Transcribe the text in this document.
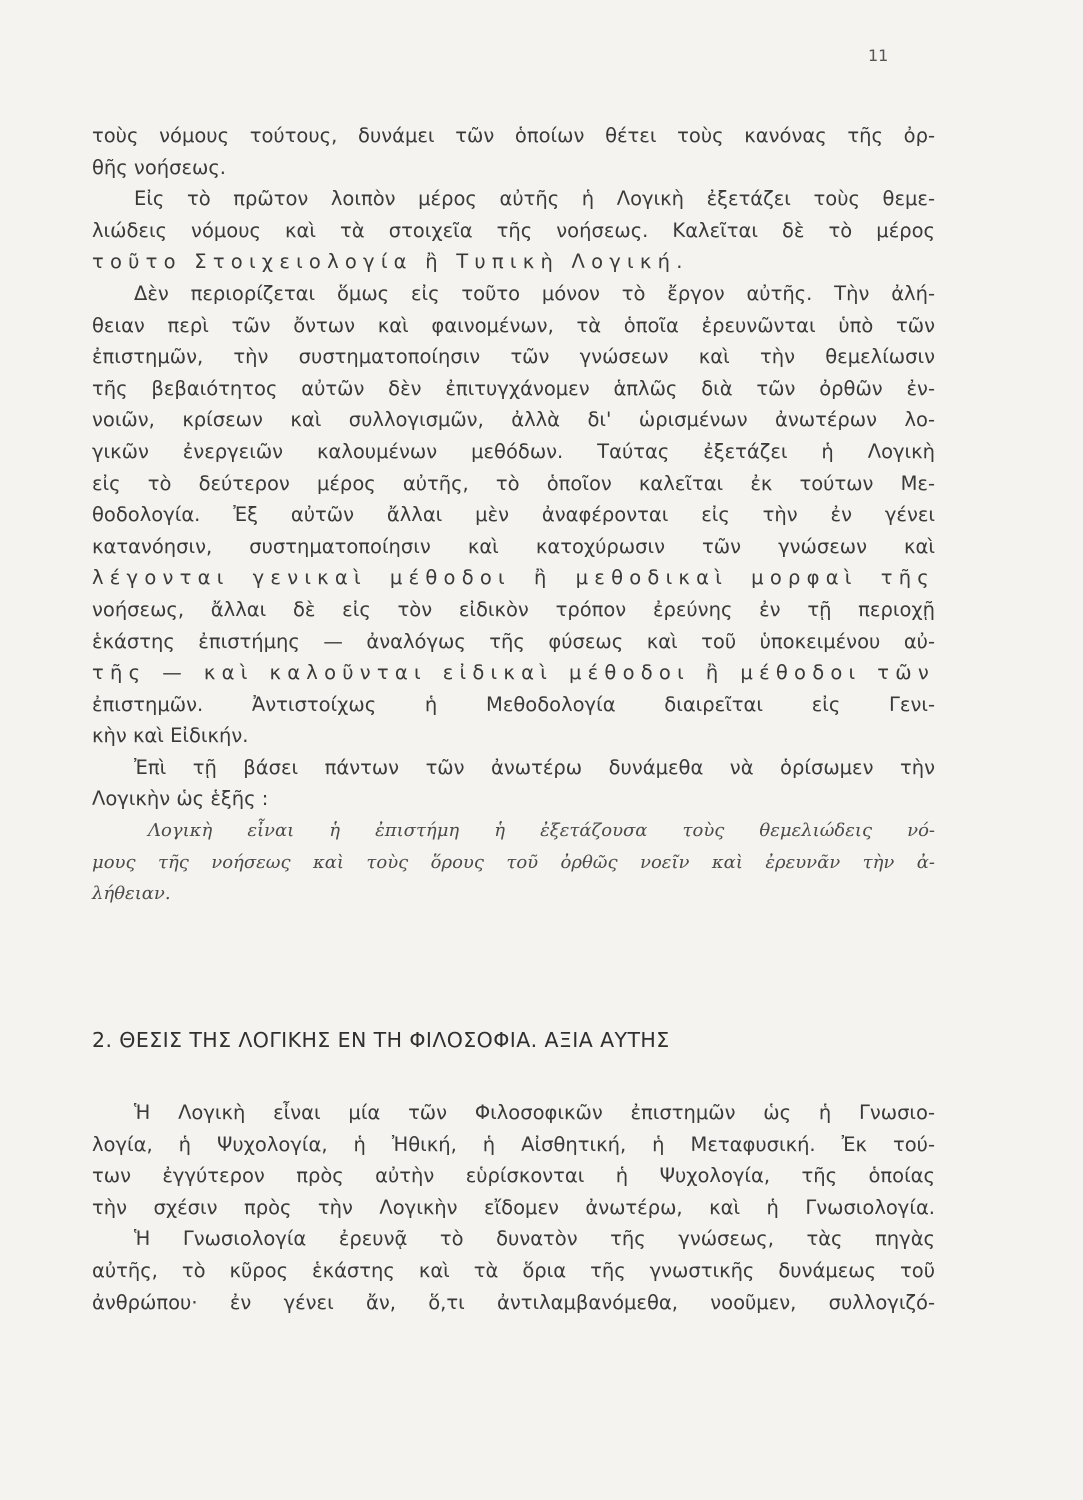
11
τοὺς νόμους τούτους, δυνάμει τῶν ὁποίων θέτει τοὺς κανόνας τῆς ὀρ-
θῆς νοήσεως.
Εἰς τὸ πρῶτον λοιπὸν μέρος αὐτῆς ἡ Λογικὴ ἐξετάζει τοὺς θεμε-
λιώδεις νόμους καὶ τὰ στοιχεῖα τῆς νοήσεως. Καλεῖται δὲ τὸ μέρος
τοῦτο Στοιχειολογία ἢ Τυπικὴ Λογική.
Δὲν περιορίζεται ὅμως εἰς τοῦτο μόνον τὸ ἔργον αὐτῆς. Τὴν ἀλή-
θειαν περὶ τῶν ὄντων καὶ φαινομένων, τὰ ὁποῖα ἐρευνῶνται ὑπὸ τῶν
ἐπιστημῶν, τὴν συστηματοποίησιν τῶν γνώσεων καὶ τὴν θεμελίωσιν
τῆς βεβαιότητος αὐτῶν δὲν ἐπιτυγχάνομεν ἁπλῶς διὰ τῶν ὀρθῶν ἐν-
νοιῶν, κρίσεων καὶ συλλογισμῶν, ἀλλὰ δι' ὡρισμένων ἀνωτέρων λο-
γικῶν ἐνεργειῶν καλουμένων μεθόδων. Ταύτας ἐξετάζει ἡ Λογικὴ
εἰς τὸ δεύτερον μέρος αὐτῆς, τὸ ὁποῖον καλεῖται ἐκ τούτων Με-
θοδολογία. Ἐξ αὐτῶν ἄλλαι μὲν ἀναφέρονται εἰς τὴν ἐν γένει
κατανόησιν, συστηματοποίησιν καὶ κατοχύρωσιν τῶν γνώσεων καὶ
λέγονται γενικαὶ μέθοδοι ἢ μεθοδικαὶ μορφαὶ τῆς
νοήσεως, ἄλλαι δὲ εἰς τὸν εἰδικὸν τρόπον ἐρεύνης ἐν τῇ περιοχῇ
ἑκάστης ἐπιστήμης — ἀναλόγως τῆς φύσεως καὶ τοῦ ὑποκειμένου αὐ-
τῆς — καὶ καλοῦνται εἰδικαὶ μέθοδοι ἢ μέθοδοι τῶν
ἐπιστημῶν. Ἀντιστοίχως ἡ Μεθοδολογία διαιρεῖται εἰς Γενι-
κὴν καὶ Εἰδικήν.
Ἐπὶ τῇ βάσει πάντων τῶν ἀνωτέρω δυνάμεθα νὰ ὁρίσωμεν τὴν
Λογικὴν ὡς ἑξῆς :
Λογικὴ εἶναι ἡ ἐπιστήμη ἡ ἐξετάζουσα τοὺς θεμελιώδεις νό-
μους τῆς νοήσεως καὶ τοὺς ὅρους τοῦ ὀρθῶς νοεῖν καὶ ἐρευνᾶν τὴν ἀ-
λήθειαν.
2. ΘΕΣΙΣ ΤΗΣ ΛΟΓΙΚΗΣ ΕΝ ΤΗ ΦΙΛΟΣΟΦΙΑ. ΑΞΙΑ ΑΥΤΗΣ
Ἡ Λογικὴ εἶναι μία τῶν Φιλοσοφικῶν ἐπιστημῶν ὡς ἡ Γνωσιο-
λογία, ἡ Ψυχολογία, ἡ Ἠθική, ἡ Αἰσθητική, ἡ Μεταφυσική. Ἐκ τού-
των ἐγγύτερον πρὸς αὐτὴν εὑρίσκονται ἡ Ψυχολογία, τῆς ὁποίας
τὴν σχέσιν πρὸς τὴν Λογικὴν εἴδομεν ἀνωτέρω, καὶ ἡ Γνωσιολογία.
Ἡ Γνωσιολογία ἐρευνᾷ τὸ δυνατὸν τῆς γνώσεως, τὰς πηγὰς
αὐτῆς, τὸ κῦρος ἑκάστης καὶ τὰ ὅρια τῆς γνωστικῆς δυνάμεως τοῦ
ἀνθρώπου· ἐν γένει ἄν, ὅ,τι ἀντιλαμβανόμεθα, νοοῦμεν, συλλογιζό-
